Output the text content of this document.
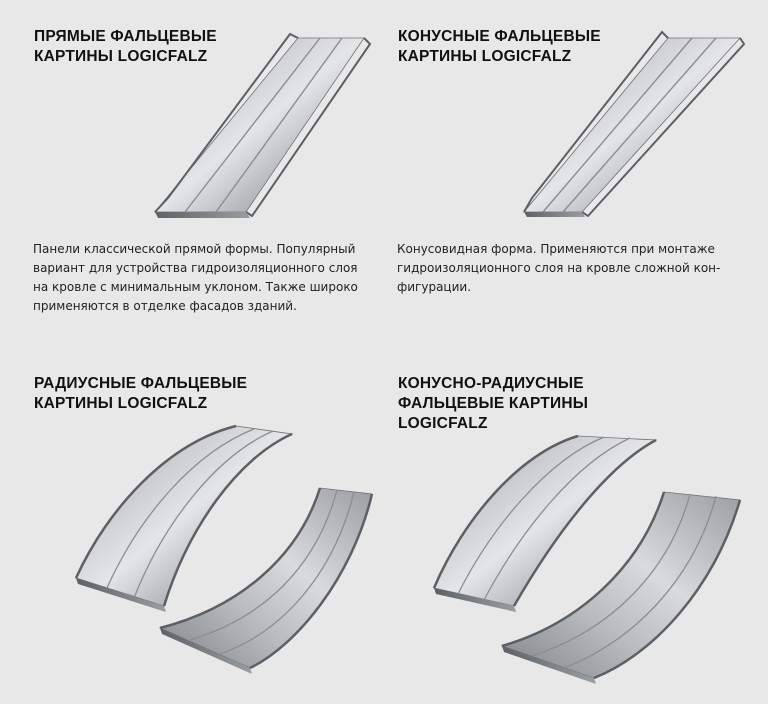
ПРЯМЫЕ ФАЛЬЦЕВЫЕ
КАРТИНЫ LOGICFALZ

Панели классической прямой формы. Популярный
вариант для устройства гидроизоляционного слоя
на кровле с минимальным уклоном. Также широко
применяются в отделке фасадов зданий.

КОНУСНЫЕ ФАЛЬЦЕВЫЕ
КАРТИНЫ LOGICFALZ

Конусовидная форма. Применяются при монтаже
гидроизоляционного слоя на кровле сложной кон-
фигурации.

РАДИУСНЫЕ ФАЛЬЦЕВЫЕ
КАРТИНЫ LOGICFALZ
КОНУСНО-РАДИУСНЫЕ
ФАЛЬЦЕВЫЕ КАРТИНЫ
LOGICFALZ
